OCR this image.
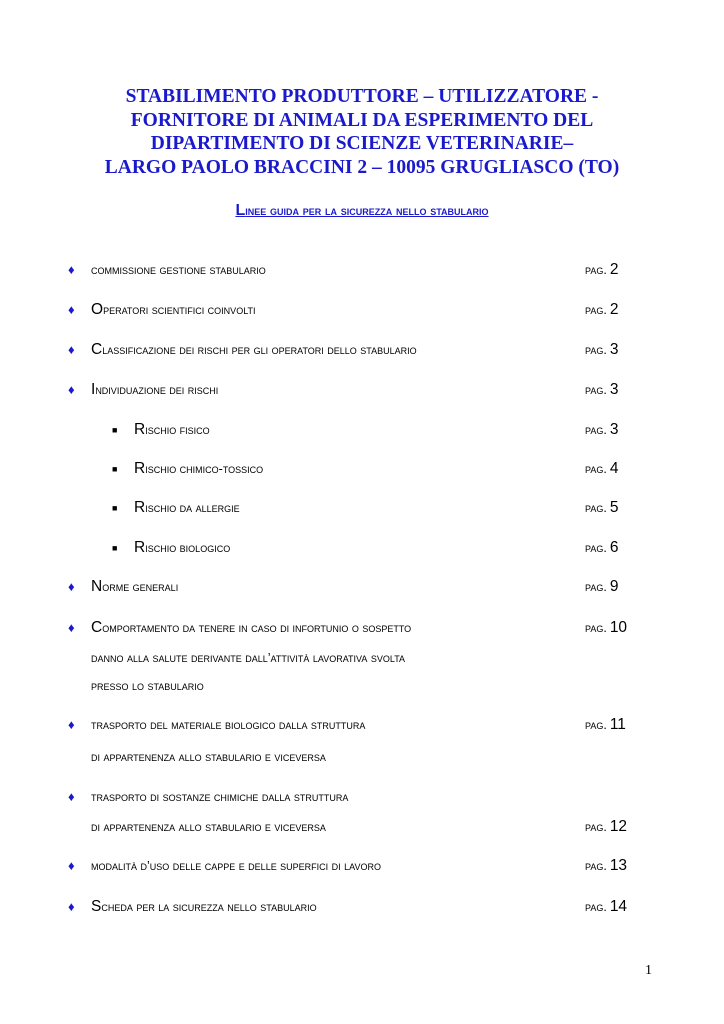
STABILIMENTO PRODUTTORE – UTILIZZATORE -
FORNITORE DI ANIMALI DA ESPERIMENTO DEL
DIPARTIMENTO DI SCIENZE VETERINARIE–
LARGO PAOLO BRACCINI 2 – 10095 GRUGLIASCO (TO)
Linee guida per la sicurezza nello stabulario
♦ commissione gestione stabulario	pag. 2
♦ Operatori scientifici coinvolti	pag. 2
♦ Classificazione dei rischi per gli operatori dello stabulario	pag. 3
♦ Individuazione dei rischi	pag. 3
■ Rischio fisico	pag. 3
■ Rischio chimico-tossico	pag. 4
■ Rischio da allergie	pag. 5
■ Rischio biologico	pag. 6
♦ Norme generali	pag. 9
♦ Comportamento da tenere in caso di infortunio o sospetto	pag. 10
danno alla salute derivante dall’attività lavorativa svolta
presso lo stabulario
♦ trasporto del materiale biologico dalla struttura	pag. 11
di appartenenza allo stabulario e viceversa
♦ trasporto di sostanze chimiche dalla struttura
di appartenenza allo stabulario e viceversa	pag. 12
♦ modalità d’uso delle cappe e delle superfici di lavoro	pag. 13
♦ Scheda per la sicurezza nello stabulario	pag. 14
1
